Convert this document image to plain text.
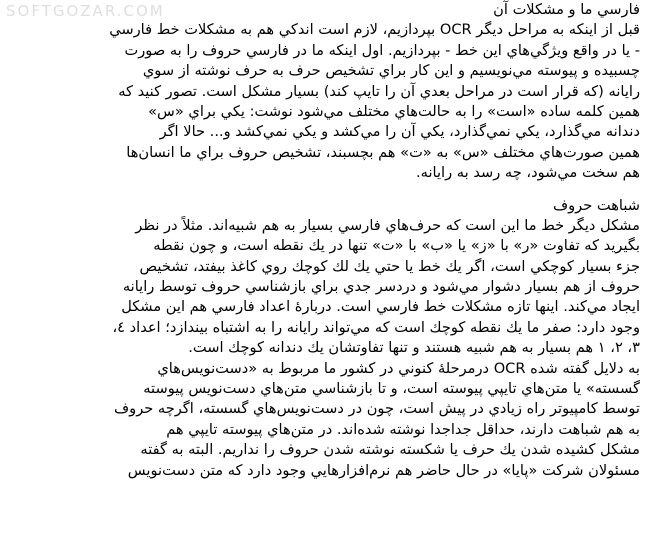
SOFTGOZAR.COM	فارسي ما و مشكلات آن
قبل از اينكه به مراحل ديگر OCR بپردازيم، لازم است اندكي هم به مشكلات خط فارسي
- يا در واقع ويژگي‌هاي اين خط - بپردازيم. اول اينكه ما در فارسي حروف را به صورت
چسبيده و پيوسته مي‌نويسيم و اين كار براي تشخيص حرف به حرف نوشته از سوي
رايانه (كه قرار است در مراحل بعدي آن را تايپ كند) بسيار مشكل است. تصور كنيد كه
همين كلمه ساده «است» را به حالت‌هاي مختلف مي‌شود نوشت: يكي براي «س»
دندانه مي‌گذارد، يكي نمي‌گذارد، يكي آن را مي‌كشد و يكي نمي‌كشد و... حالا اگر
همين صورت‌هاي مختلف «س» به «ت» هم بچسبند، تشخيص حروف براي ما انسان‌ها
هم سخت مي‌شود، چه رسد به رايانه.
شباهت حروف
مشكل ديگر خط ما اين است كه حرف‌هاي فارسي بسيار به هم شبيه‌اند. مثلاً در نظر
بگيريد كه تفاوت «ر» با «ز» يا «ب» با «ت» تنها در يك نقطه است، و چون نقطه
جزء بسيار كوچكي است، اگر يك خط يا حتي يك لك كوچك روي كاغذ بيفتد، تشخيص
حروف از هم بسيار دشوار مي‌شود و دردسر جدي براي بازشناسي حروف توسط رايانه
ايجاد مي‌كند. اينها تازه مشكلات خط فارسي است. دربارهٔ اعداد فارسي هم اين مشكل
وجود دارد: صفر ما يك نقطه كوچك است كه مي‌تواند رايانه را به اشتباه بيندازد؛ اعداد ٤،
٣، ٢، ١ هم بسيار به هم شبيه هستند و تنها تفاوتشان يك دندانه كوچك است.
به دلايل گفته شده OCR درمرحلهٔ كنوني در كشور ما مربوط به «دست‌نويس‌هاي
گسسته» يا متن‌هاي تايپي پيوسته است، و تا بازشناسي متن‌هاي دست‌نويس پيوسته
توسط كامپيوتر راه زيادي در پيش است، چون در دست‌نويس‌هاي گسسته، اگرچه حروف
به هم شباهت دارند، حداقل جداجدا نوشته شده‌اند. در متن‌هاي پيوسته تايپي هم
مشكل كشيده شدن يك حرف يا شكسته نوشته شدن حروف را نداريم. البته به گفته
مسئولان شركت «پايا» در حال حاضر هم نرم‌افزارهايي وجود دارد كه متن دست‌نويس
